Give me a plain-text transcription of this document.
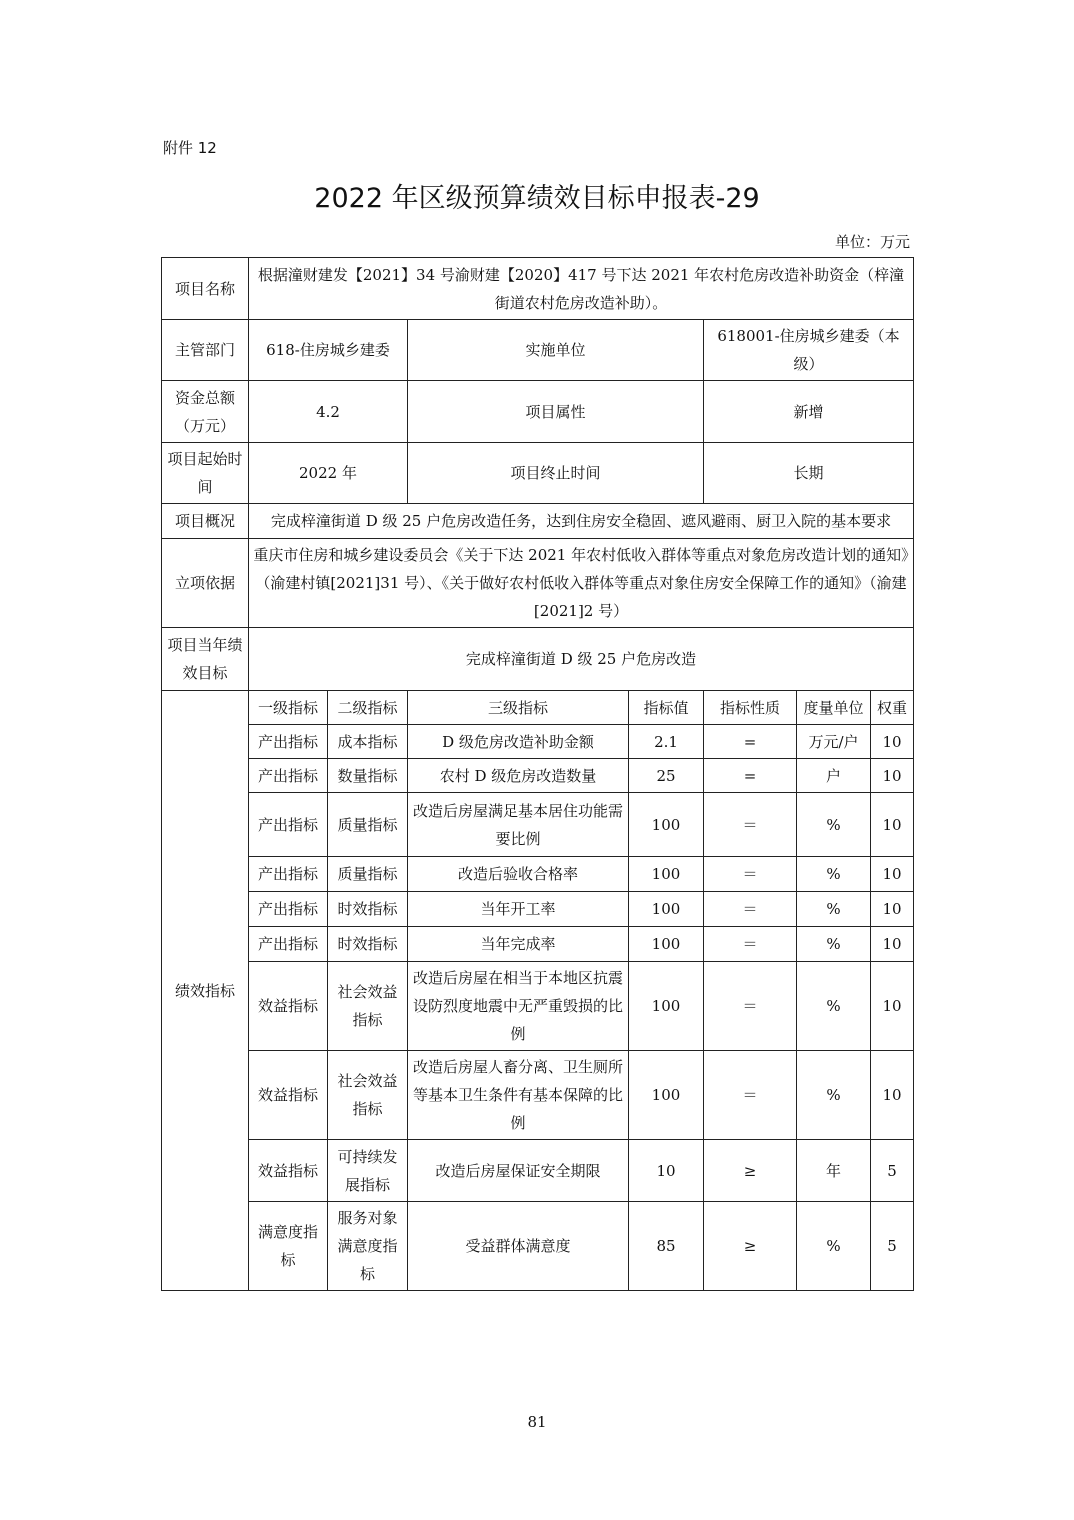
附件 12
2022 年区级预算绩效目标申报表-29
单位：万元
项目名称	根据潼财建发【2021】34 号渝财建【2020】417 号下达 2021 年农村危房改造补助资金（梓潼街道农村危房改造补助）。						
主管部门	618-住房城乡建委		实施单位		618001-住房城乡建委（本级）		
资金总额（万元）	4.2		项目属性		新增		
项目起始时间	2022 年		项目终止时间		长期		
项目概况	完成梓潼街道 D 级 25 户危房改造任务，达到住房安全稳固、遮风避雨、厨卫入院的基本要求						
立项依据	重庆市住房和城乡建设委员会《关于下达 2021 年农村低收入群体等重点对象危房改造计划的通知》（渝建村镇[2021]31 号）、《关于做好农村低收入群体等重点对象住房安全保障工作的通知》（渝建[2021]2 号）						
项目当年绩效目标	完成梓潼街道 D 级 25 户危房改造						
绩效指标	一级指标	二级指标	三级指标	指标值	指标性质	度量单位	权重
	产出指标	成本指标	D 级危房改造补助金额	2.1	=	万元/户	10
	产出指标	数量指标	农村 D 级危房改造数量	25	=	户	10
	产出指标	质量指标	改造后房屋满足基本居住功能需要比例	100	＝	%	10
	产出指标	质量指标	改造后验收合格率	100	＝	%	10
	产出指标	时效指标	当年开工率	100	＝	%	10
	产出指标	时效指标	当年完成率	100	＝	%	10
	效益指标	社会效益指标	改造后房屋在相当于本地区抗震设防烈度地震中无严重毁损的比例	100	＝	%	10
	效益指标	社会效益指标	改造后房屋人畜分离、卫生厕所等基本卫生条件有基本保障的比例	100	＝	%	10
	效益指标	可持续发展指标	改造后房屋保证安全期限	10	≥	年	5
	满意度指标	服务对象满意度指标	受益群体满意度	85	≥	%	5
81
